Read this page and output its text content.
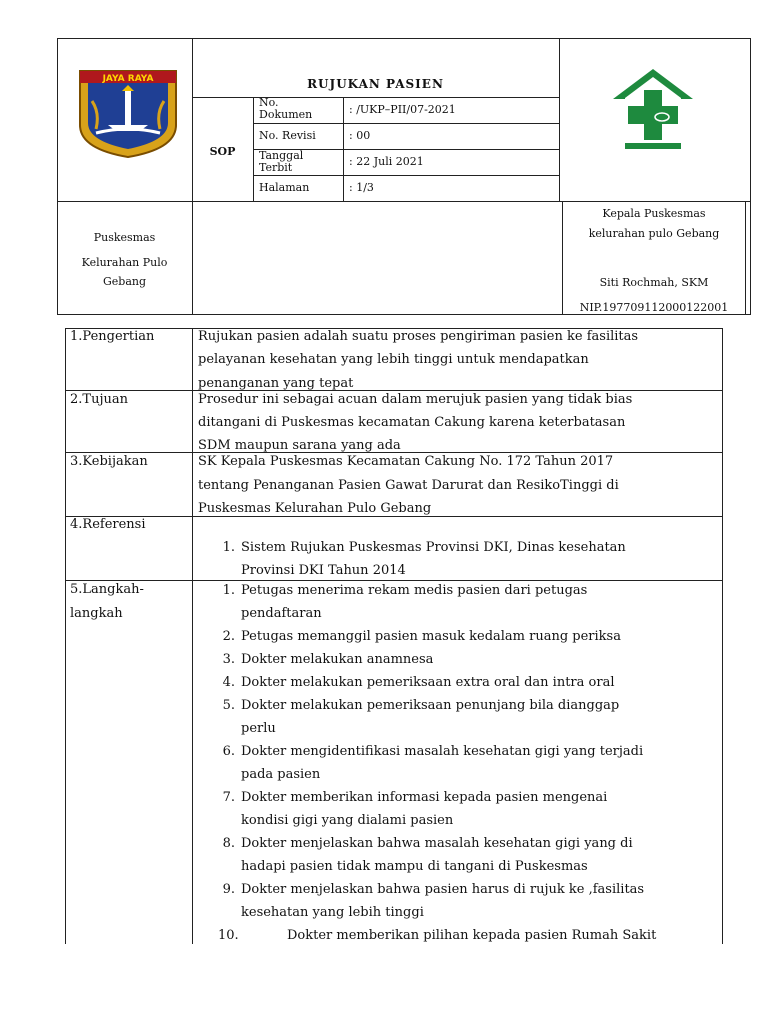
JAYA RAYA	RUJUKAN PASIEN
SOP
No. Dokumen	: /UKP–PII/07-2021
No. Revisi	: 00
Tanggal Terbit	: 22 Juli 2021
Halaman	: 1/3
Puskesmas
Kelurahan Pulo
Gebang
Kepala Puskesmas
kelurahan pulo Gebang
Siti Rochmah, SKM
NIP.197709112000122001
1.Pengertian	Rujukan pasien adalah suatu proses pengiriman pasien ke fasilitas
pelayanan kesehatan yang lebih tinggi untuk mendapatkan
penanganan yang tepat
2.Tujuan	Prosedur ini sebagai acuan dalam merujuk pasien yang tidak bias
ditangani di Puskesmas kecamatan Cakung karena keterbatasan
SDM maupun sarana yang ada
3.Kebijakan	SK Kepala Puskesmas Kecamatan Cakung No. 172 Tahun 2017
tentang Penanganan Pasien Gawat Darurat dan ResikoTinggi di
Puskesmas Kelurahan Pulo Gebang
4.Referensi
1. Sistem Rujukan Puskesmas Provinsi DKI, Dinas kesehatan
Provinsi DKI Tahun 2014
5.Langkah-
langkah
1. Petugas menerima rekam medis pasien dari petugas
pendaftaran
2. Petugas memanggil pasien masuk kedalam ruang periksa
3. Dokter melakukan anamnesa
4. Dokter melakukan pemeriksaan extra oral dan intra oral
5. Dokter melakukan pemeriksaan penunjang bila dianggap
perlu
6. Dokter mengidentifikasi masalah kesehatan gigi yang terjadi
pada pasien
7. Dokter memberikan informasi kepada pasien mengenai
kondisi gigi yang dialami pasien
8. Dokter menjelaskan bahwa masalah kesehatan gigi yang di
hadapi pasien tidak mampu di tangani di Puskesmas
9. Dokter menjelaskan bahwa pasien harus di rujuk ke ,fasilitas
kesehatan yang lebih tinggi
10.	Dokter memberikan pilihan kepada pasien Rumah Sakit
